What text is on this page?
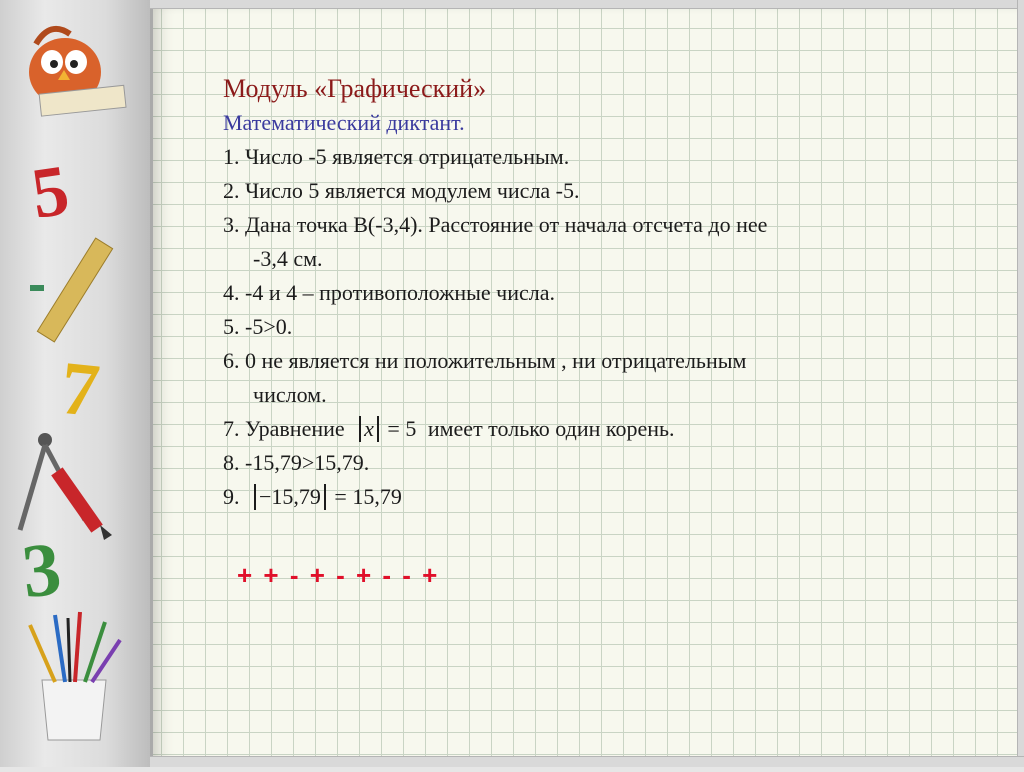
5
7
3
Модуль «Графический»
Математический диктант.
1. Число -5 является отрицательным.
2. Число 5 является модулем числа -5.
3. Дана точка В(-3,4). Расстояние от начала отсчета до нее
-3,4 см.
4. -4 и 4 – противоположные числа.
5. -5>0.
6. 0 не является ни положительным , ни отрицательным
числом.
7. Уравнение x = 5 имеет только один корень.
8. -15,79>15,79.
9. −15,79 = 15,79
+ + - + - + - - +
